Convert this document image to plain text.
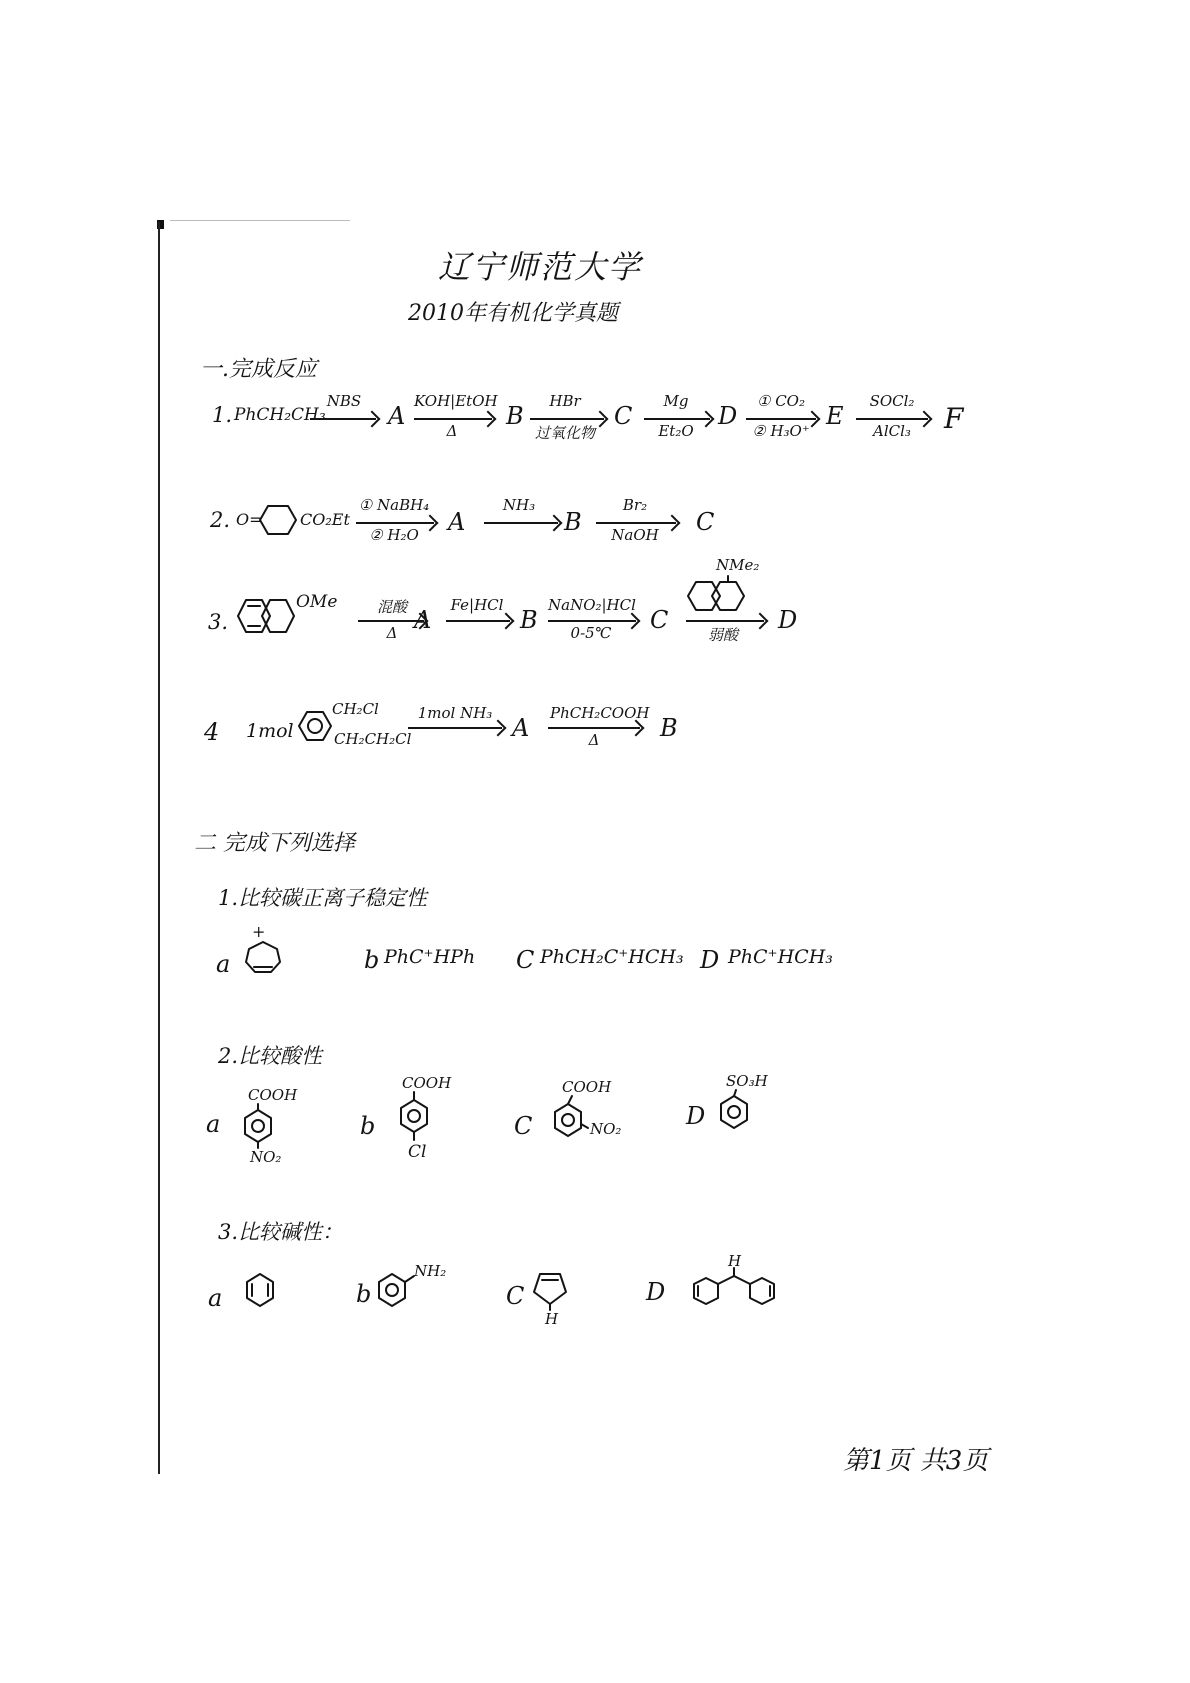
辽宁师范大学
2010年有机化学真题
一.完成反应
1. PhCH₂CH₃
NBS
A
KOH|EtOH
Δ
B
HBr
过氧化物
C
Mg
Et₂O
D
① CO₂
② H₃O⁺
E
SOCl₂
AlCl₃	F
2. O= CO₂Et
① NaBH₄
② H₂O	A
NH₃
B
Br₂
NaOH	C
3.
OMe	混酸
Δ A
Fe|HCl
B
NaNO₂|HCl
0-5℃	C
NMe₂
弱酸
D
4 1mol
CH₂Cl
CH₂CH₂Cl
1mol NH₃
A
PhCH₂COOH
Δ	B
二 完成下列选择
1.比较碳正离子稳定性
a
+
b PhC⁺HPh C PhCH₂C⁺HCH₃ D PhC⁺HCH₃
2.比较酸性
a
COOH
NO₂
b
COOH
Cl
C
COOH
NO₂	D
SO₃H
3.比较碱性：
a	b
NH₂
C
H
D
H
第1页 共3页
